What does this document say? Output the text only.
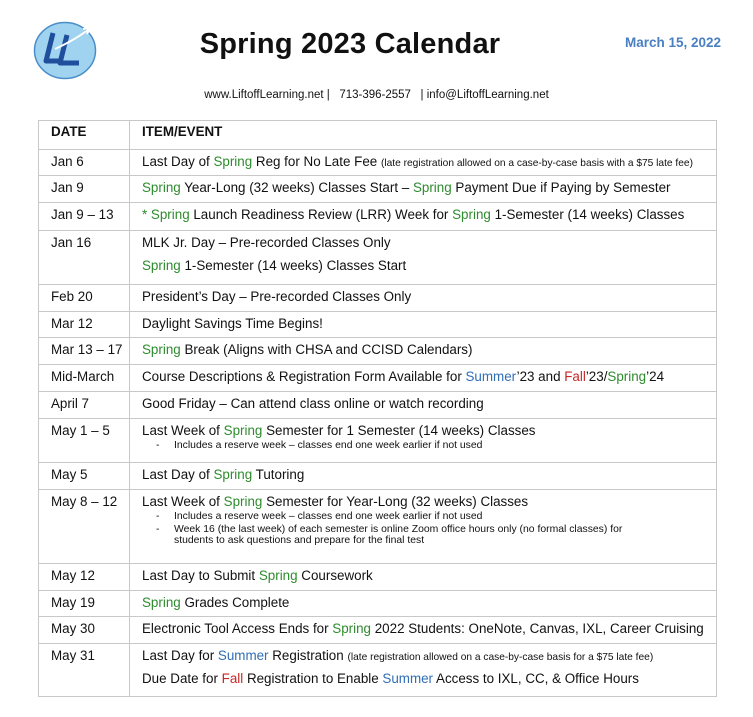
Spring 2023 Calendar	March 15, 2022
www.LiftoffLearning.net |   713-396-2557   | info@LiftoffLearning.net
DATE	ITEM/EVENT

Jan 6	Last Day of Spring Reg for No Late Fee (late registration allowed on a case-by-case basis with a $75 late fee)

Jan 9	Spring Year-Long (32 weeks) Classes Start – Spring Payment Due if Paying by Semester

Jan 9 – 13	* Spring Launch Readiness Review (LRR) Week for Spring 1-Semester (14 weeks) Classes

Jan 16	MLK Jr. Day – Pre-recorded Classes Only
Spring 1-Semester (14 weeks) Classes Start

Feb 20	President’s Day – Pre-recorded Classes Only

Mar 12	Daylight Savings Time Begins!

Mar 13 – 17	Spring Break (Aligns with CHSA and CCISD Calendars)

Mid-March	Course Descriptions & Registration Form Available for Summer’23 and Fall’23/Spring’24

April 7	Good Friday – Can attend class online or watch recording

May 1 – 5	Last Week of Spring Semester for 1 Semester (14 weeks) Classes
- Includes a reserve week – classes end one week earlier if not used

May 5	Last Day of Spring Tutoring

May 8 – 12	Last Week of Spring Semester for Year-Long (32 weeks) Classes
- Includes a reserve week – classes end one week earlier if not used
- Week 16 (the last week) of each semester is online Zoom office hours only (no formal classes) for
students to ask questions and prepare for the final test

May 12	Last Day to Submit Spring Coursework

May 19	Spring Grades Complete

May 30	Electronic Tool Access Ends for Spring 2022 Students: OneNote, Canvas, IXL, Career Cruising

May 31	Last Day for Summer Registration (late registration allowed on a case-by-case basis for a $75 late fee)
Due Date for Fall Registration to Enable Summer Access to IXL, CC, & Office Hours
